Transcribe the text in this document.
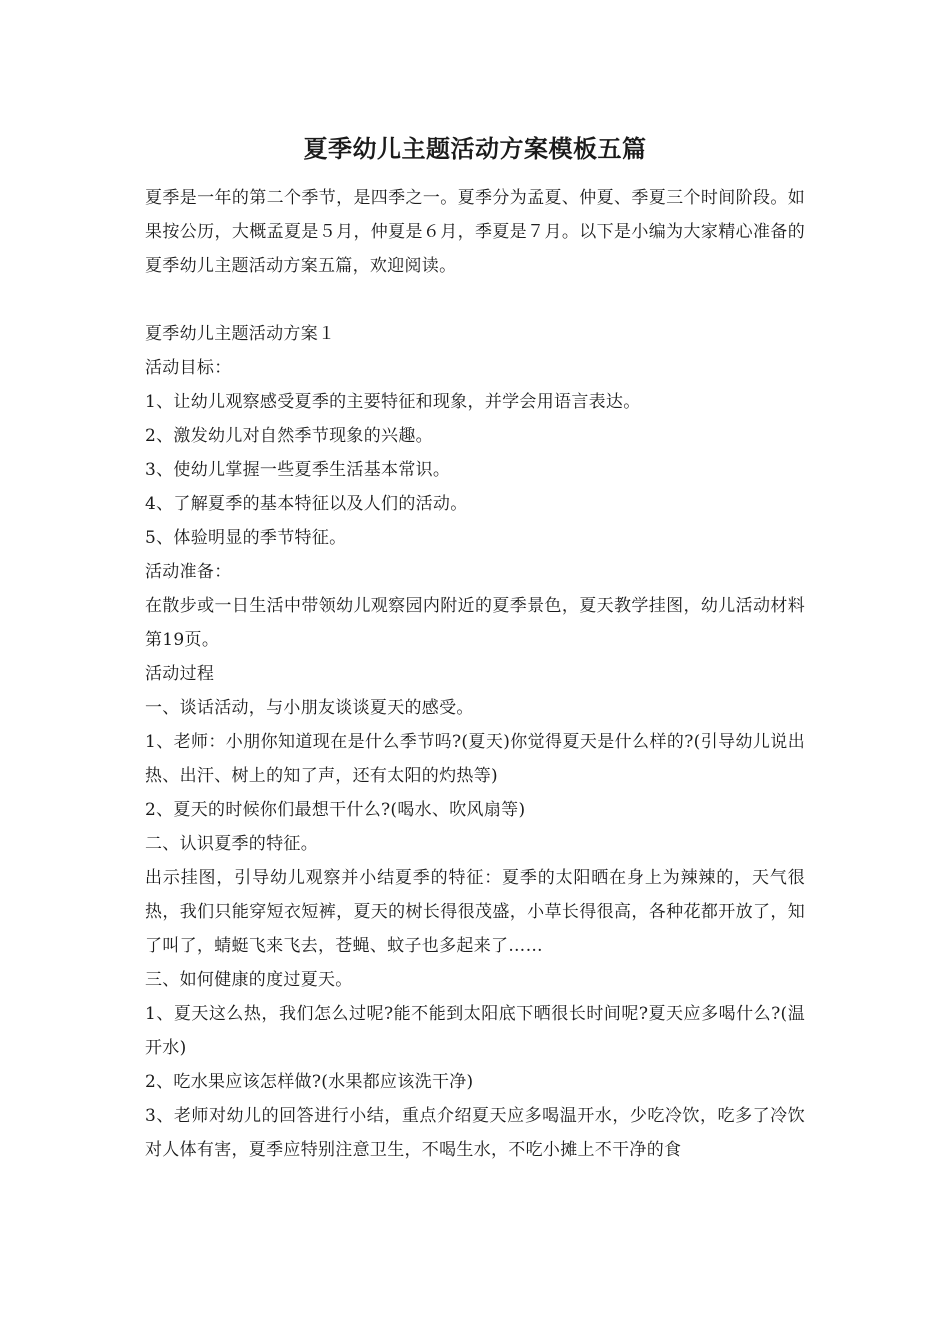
夏季幼儿主题活动方案模板五篇

夏季是一年的第二个季节，是四季之一。夏季分为孟夏、仲夏、季夏三个时间阶段。如果按公历，大概孟夏是５月，仲夏是６月，季夏是７月。以下是小编为大家精心准备的夏季幼儿主题活动方案五篇，欢迎阅读。

夏季幼儿主题活动方案１

活动目标：

1、让幼儿观察感受夏季的主要特征和现象，并学会用语言表达。

2、激发幼儿对自然季节现象的兴趣。

3、使幼儿掌握一些夏季生活基本常识。

4、了解夏季的基本特征以及人们的活动。

5、体验明显的季节特征。

活动准备：

在散步或一日生活中带领幼儿观察园内附近的夏季景色，夏天教学挂图，幼儿活动材料第19页。

活动过程

一、谈话活动，与小朋友谈谈夏天的感受。

1、老师：小朋你知道现在是什么季节吗?(夏天)你觉得夏天是什么样的?(引导幼儿说出热、出汗、树上的知了声，还有太阳的灼热等)

2、夏天的时候你们最想干什么?(喝水、吹风扇等)

二、认识夏季的特征。

出示挂图，引导幼儿观察并小结夏季的特征：夏季的太阳晒在身上为辣辣的，天气很热，我们只能穿短衣短裤，夏天的树长得很茂盛，小草长得很高，各种花都开放了，知了叫了，蜻蜓飞来飞去，苍蝇、蚊子也多起来了……

三、如何健康的度过夏天。

1、夏天这么热，我们怎么过呢?能不能到太阳底下晒很长时间呢?夏天应多喝什么?(温开水)

2、吃水果应该怎样做?(水果都应该洗干净)

3、老师对幼儿的回答进行小结，重点介绍夏天应多喝温开水，少吃冷饮，吃多了冷饮对人体有害，夏季应特别注意卫生，不喝生水，不吃小摊上不干净的食
